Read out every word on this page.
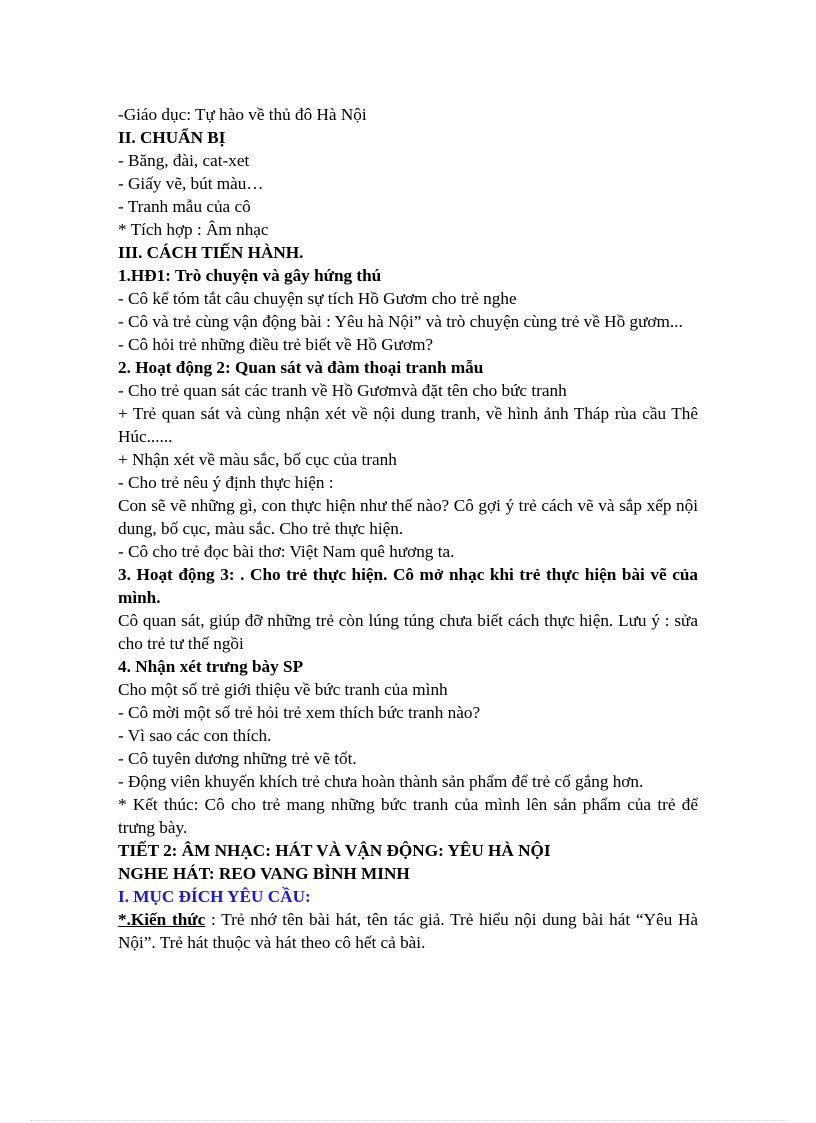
-Giáo dục: Tự hào về thủ đô Hà Nội

II. CHUẨN BỊ

- Băng, đài, cat-xet

- Giấy vẽ, bút màu…

- Tranh mẫu của cô

* Tích hợp : Âm nhạc

III. CÁCH TIẾN HÀNH.

1.HĐ1: Trò chuyện và gây hứng thú

- Cô kể tóm tắt câu chuyện sự tích Hồ Gươm cho trẻ nghe

- Cô và trẻ cùng vận động bài : Yêu hà Nội” và trò chuyện cùng trẻ về Hồ gươm...

- Cô hỏi trẻ những điều trẻ biết về Hồ Gươm?

2. Hoạt động 2: Quan sát và đàm thoại tranh mẫu

- Cho trẻ quan sát các tranh về Hồ Gươmvà đặt tên cho bức tranh

+ Trẻ quan sát và cùng nhận xét về nội dung tranh, về hình ảnh Tháp rùa cầu Thê Húc......

+ Nhận xét về màu sắc, bố cục của tranh

- Cho trẻ nêu ý định thực hiện :

Con sẽ vẽ những gì, con thực hiện như thế nào? Cô gợi ý trẻ cách vẽ và sắp xếp nội dung, bố cục, màu sắc. Cho trẻ thực hiện.

- Cô cho trẻ đọc bài thơ: Việt Nam quê hương ta.

3. Hoạt động 3: . Cho trẻ thực hiện. Cô mở nhạc khi trẻ thực hiện bài vẽ của mình.

Cô quan sát, giúp đỡ những trẻ còn lúng túng chưa biết cách thực hiện. Lưu ý : sửa cho trẻ tư thế ngồi

4. Nhận xét trưng bày SP

Cho một số trẻ giới thiệu về bức tranh của mình

- Cô mời một số trẻ hỏi trẻ xem thích bức tranh nào?

- Vì sao các con thích.

- Cô tuyên dương những trẻ vẽ tốt.

- Động viên khuyến khích trẻ chưa hoàn thành sản phẩm để trẻ cố gắng hơn.

* Kết thúc: Cô cho trẻ mang những bức tranh của mình lên sản phẩm của trẻ để trưng bày.

TIẾT 2: ÂM NHẠC: HÁT VÀ VẬN ĐỘNG: YÊU HÀ NỘI

NGHE HÁT: REO VANG BÌNH MINH

I. MỤC ĐÍCH YÊU CẦU:

*.Kiến thức : Trẻ nhớ tên bài hát, tên tác giả. Trẻ hiểu nội dung bài hát “Yêu Hà Nội”. Trẻ hát thuộc và hát theo cô hết cả bài.
